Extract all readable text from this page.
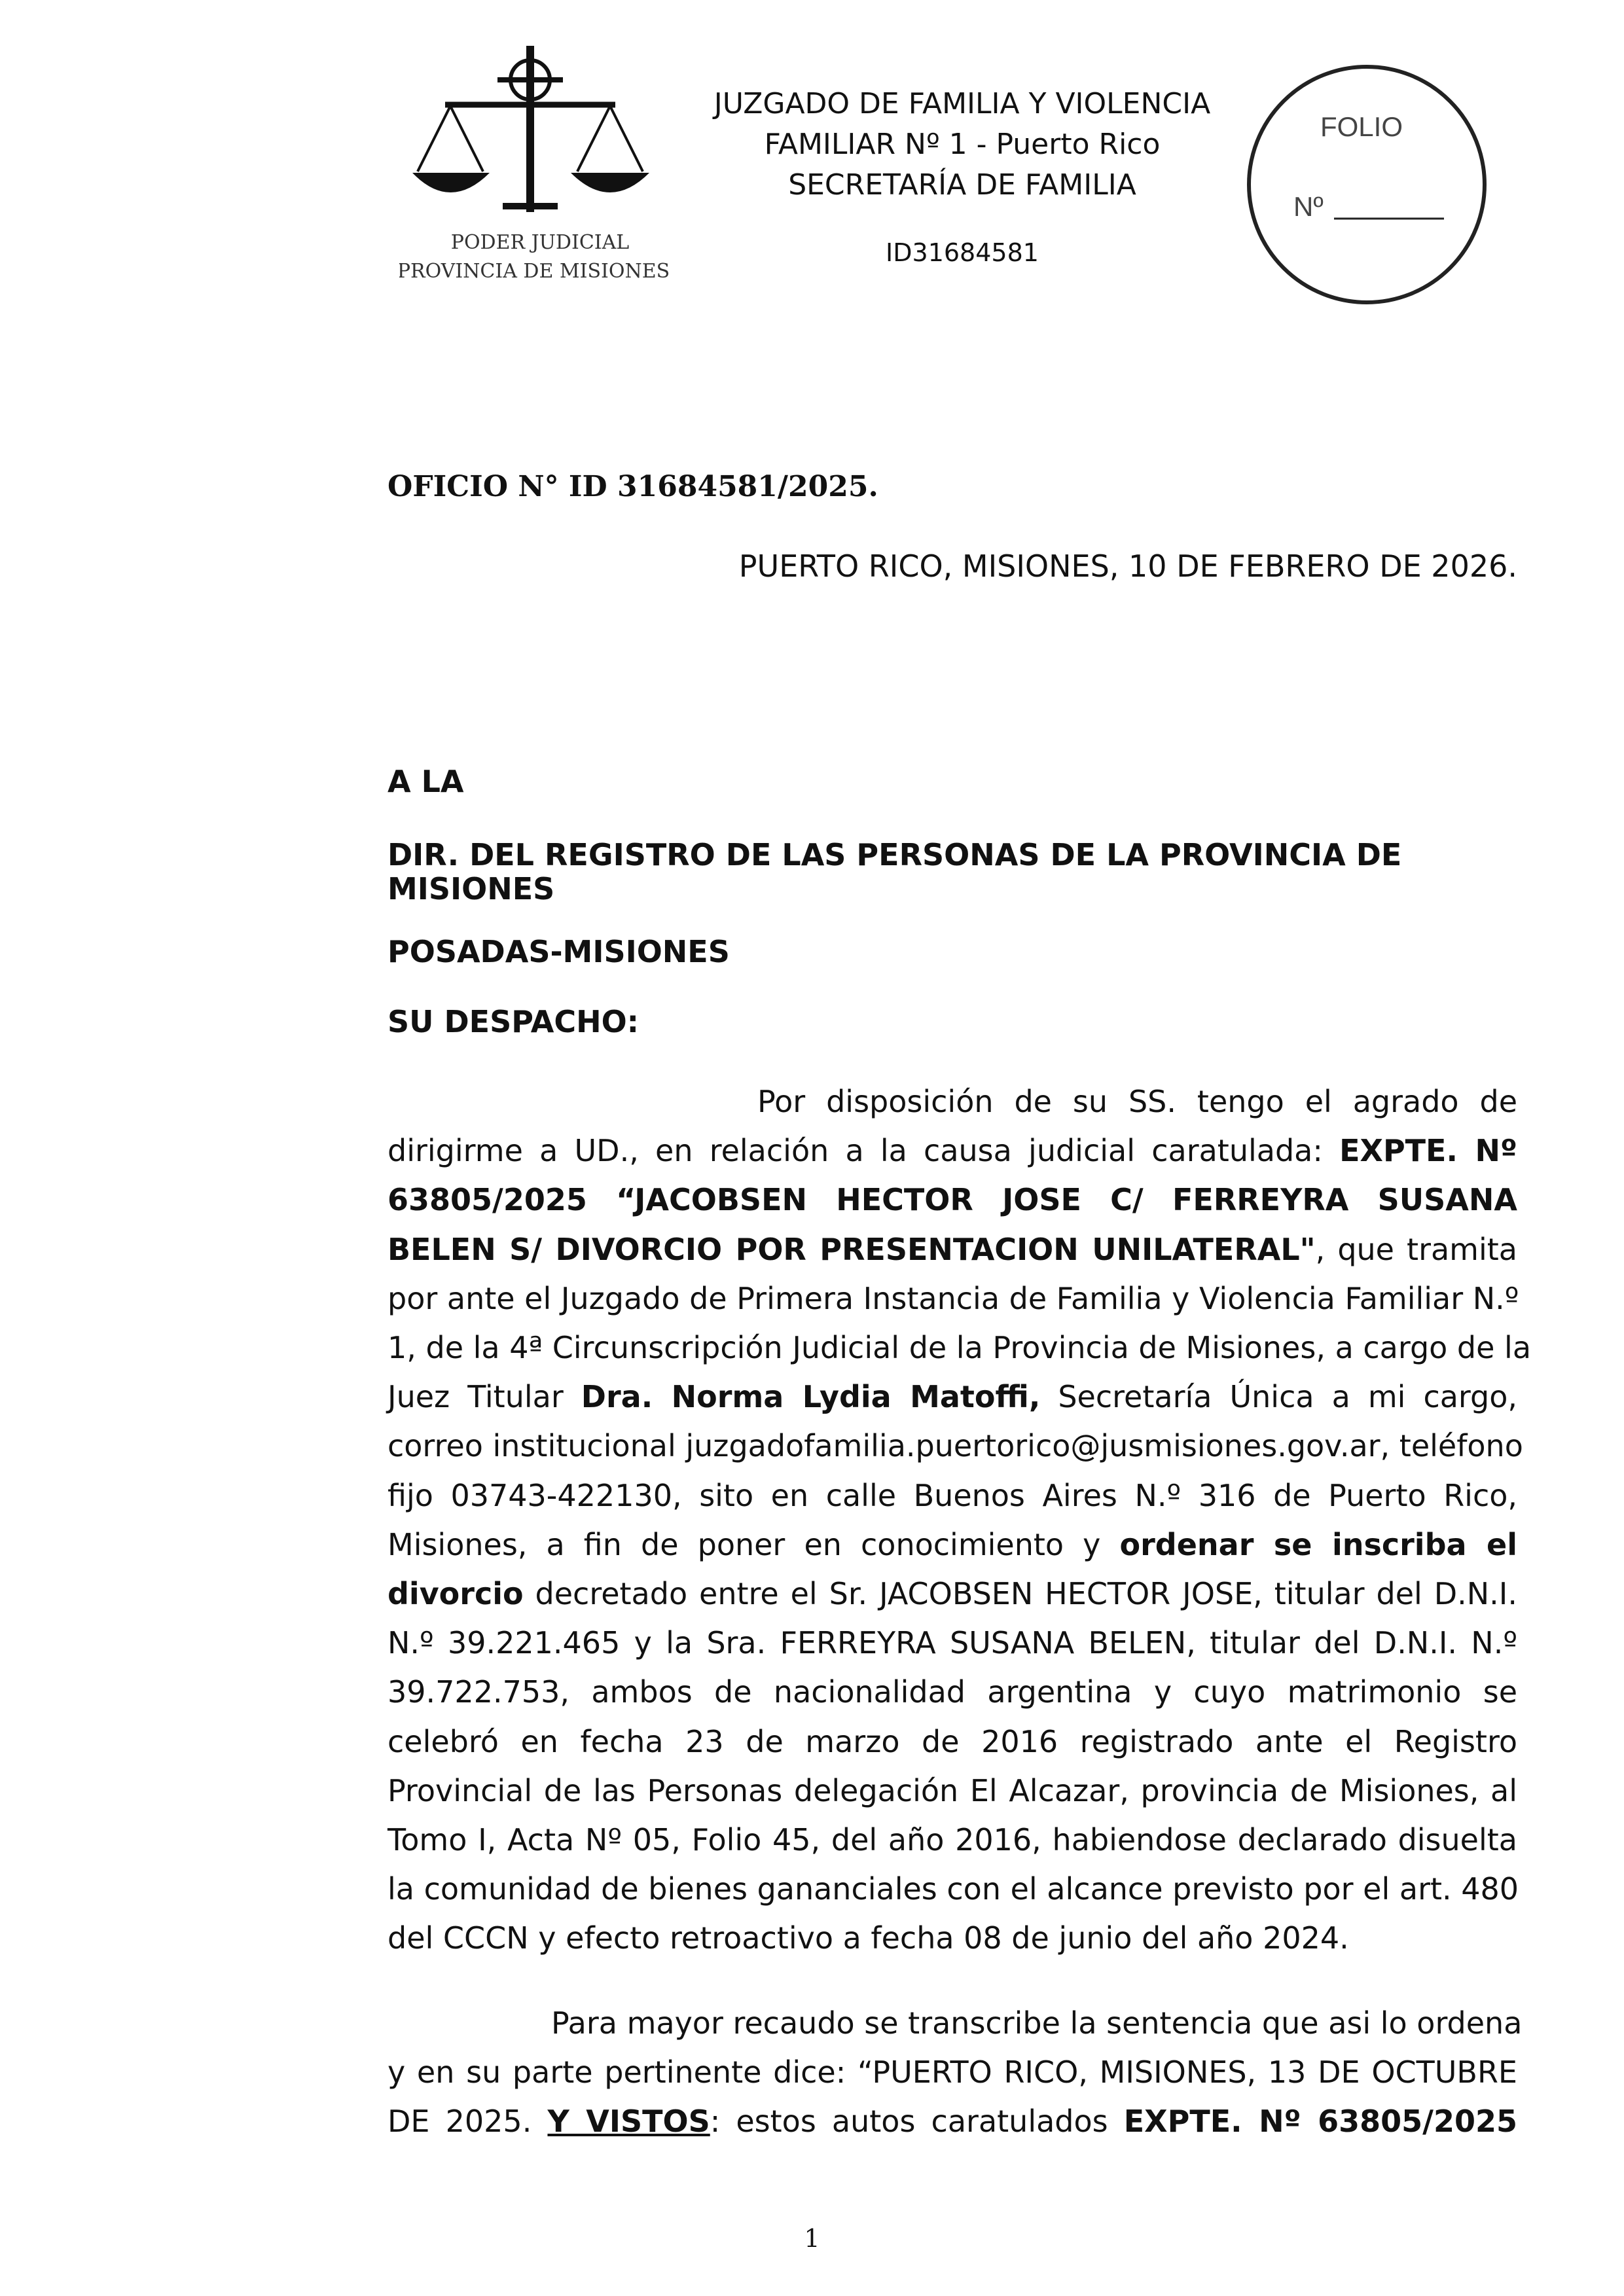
PODER JUDICIAL
PROVINCIA DE MISIONES
JUZGADO DE FAMILIA Y VIOLENCIA
FAMILIAR Nº 1 - Puerto Rico
SECRETARÍA DE FAMILIA
ID31684581
FOLIO
Nº
OFICIO N° ID 31684581/2025.
PUERTO RICO, MISIONES, 10 DE FEBRERO DE 2026.
A LA
DIR. DEL REGISTRO DE LAS PERSONAS DE LA PROVINCIA DE
MISIONES
POSADAS-MISIONES
SU DESPACHO:
Por disposición de su SS. tengo el agrado de
dirigirme a UD., en relación a la causa judicial caratulada: EXPTE. Nº
63805/2025 “JACOBSEN HECTOR JOSE C/ FERREYRA SUSANA
BELEN S/ DIVORCIO POR PRESENTACION UNILATERAL", que tramita
por ante el Juzgado de Primera Instancia de Familia y Violencia Familiar N.º
1, de la 4ª Circunscripción Judicial de la Provincia de Misiones, a cargo de la
Juez Titular Dra. Norma Lydia Matoffi, Secretaría Única a mi cargo,
correo institucional juzgadofamilia.puertorico@jusmisiones.gov.ar, teléfono
fijo 03743-422130, sito en calle Buenos Aires N.º 316 de Puerto Rico,
Misiones, a fin de poner en conocimiento y ordenar se inscriba el
divorcio decretado entre el Sr. JACOBSEN HECTOR JOSE, titular del D.N.I.
N.º 39.221.465 y la Sra. FERREYRA SUSANA BELEN, titular del D.N.I. N.º
39.722.753, ambos de nacionalidad argentina y cuyo matrimonio se
celebró en fecha 23 de marzo de 2016 registrado ante el Registro
Provincial de las Personas delegación El Alcazar, provincia de Misiones, al
Tomo I, Acta Nº 05, Folio 45, del año 2016, habiendose declarado disuelta
la comunidad de bienes gananciales con el alcance previsto por el art. 480
del CCCN y efecto retroactivo a fecha 08 de junio del año 2024.
Para mayor recaudo se transcribe la sentencia que asi lo ordena
y en su parte pertinente dice: “PUERTO RICO, MISIONES, 13 DE OCTUBRE
DE 2025. Y VISTOS: estos autos caratulados EXPTE. Nº 63805/2025
1
